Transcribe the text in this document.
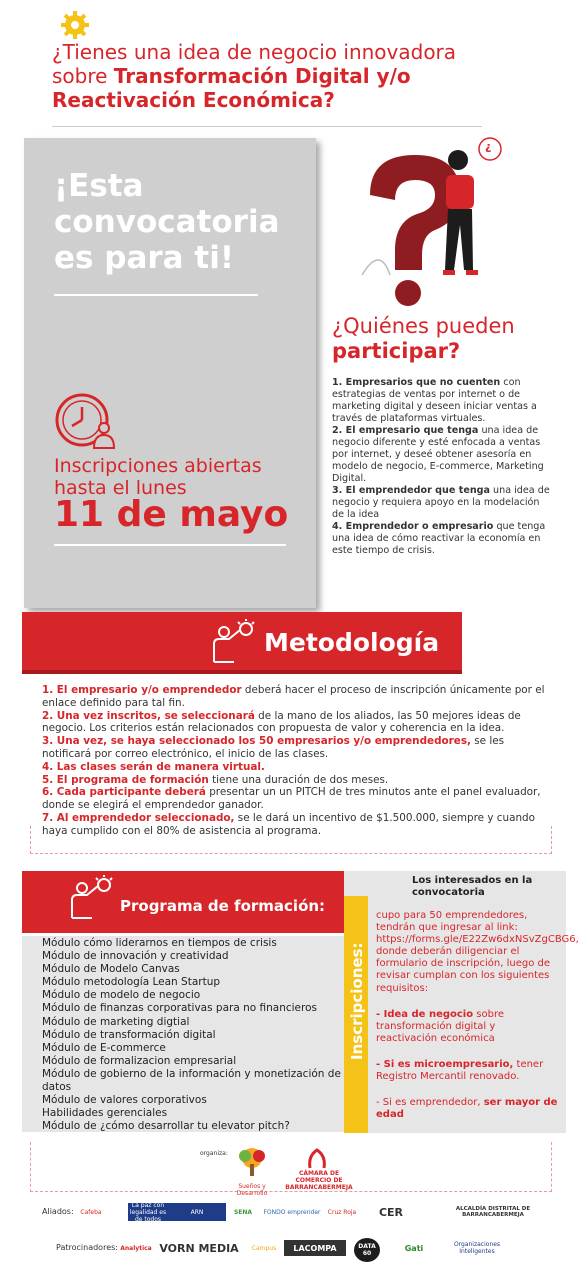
¿Tienes una idea de negocio innovadora
sobre Transformación Digital y/o
Reactivación Económica?
¡Esta convocatoria es para ti!
Inscripciones abiertas hasta el lunes
11 de mayo
¿
¿Quiénes pueden
participar?

1. Empresarios que no cuenten con estrategias de ventas por internet o de marketing digital y deseen iniciar ventas a través de plataformas virtuales.

2. El empresario que tenga una idea de negocio diferente y esté enfocada a ventas por internet, y deseé obtener asesoría en modelo de negocio, E-commerce, Marketing Digital.

3. El emprendedor que tenga una idea de negocio y requiera apoyo en la modelación de la idea

4. Emprendedor o empresario que tenga una idea de cómo reactivar la economía en este tiempo de crisis.

Metodología

1. El empresario y/o emprendedor deberá hacer el proceso de inscripción únicamente por el enlace definido para tal fin.

2. Una vez inscritos, se seleccionará de la mano de los aliados, las 50 mejores ideas de negocio. Los criterios están relacionados con propuesta de valor y coherencia en la idea.

3. Una vez, se haya seleccionado los 50 empresarios y/o emprendedores, se les notificará por correo electrónico, el inicio de las clases.

4. Las clases serán de manera virtual.

5. El programa de formación tiene una duración de dos meses.

6. Cada participante deberá presentar un un PITCH de tres minutos ante el panel evaluador, donde se elegirá el emprendedor ganador.

7. Al emprendedor seleccionado, se le dará un incentivo de $1.500.000, siempre y cuando haya cumplido con el 80% de asistencia al programa.

Programa de formación:
Módulo cómo liderarnos en tiempos de crisis
Módulo de innovación y creatividad
Módulo de Modelo Canvas
Módulo metodología Lean Startup
Módulo de modelo de negocio
Módulo de finanzas corporativas para no financieros
Módulo de marketing digtial
Módulo de transformación digital
Módulo de E-commerce
Módulo de formalizacion empresarial
Módulo de gobierno de la información y monetización de datos
Módulo de valores corporativos
Habilidades gerenciales
Módulo de ¿cómo desarrollar tu elevator pitch?
Inscripciones:
Los interesados en la convocatoria

cupo para 50 emprendedores, tendrán que ingresar al link: https://forms.gle/E22Zw6dxNSvZgCBG6, donde deberán diligenciar el formulario de inscripción, luego de revisar cumplan con los siguientes requisitos:

- Idea de negocio sobre transformación digital y reactivación económica

- Si es microempresario, tener Registro Mercantil renovado.

- Si es emprendedor, ser mayor de edad

organiza:
Sueños y Desarrollo
CÁMARA DE COMERCIO DE BARRANCABERMEJA
Aliados: Cafeba
La paz con legalidad es de todos
ARN	SENA	FONDO emprender	Cruz Roja	CER	ALCALDÍA DISTRITAL DE BARRANCABERMEJA
Patrocinadores: Analytica VORN MEDIA	Campus	LACOMPA	DATA 60
Gati	Organizaciones Inteligentes
